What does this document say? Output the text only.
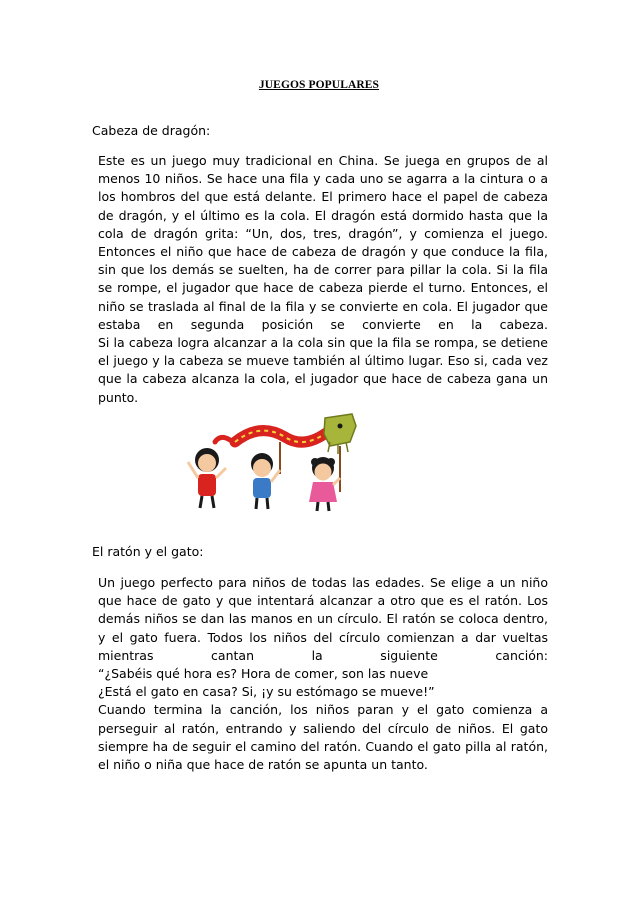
JUEGOS POPULARES
Cabeza de dragón:

Este es un juego muy tradicional en China. Se juega en grupos de al menos 10 niños. Se hace una fila y cada uno se agarra a la cintura o a los hombros del que está delante. El primero hace el papel de cabeza de dragón, y el último es la cola. El dragón está dormido hasta que la cola de dragón grita: “Un, dos, tres, dragón”, y comienza el juego.

Entonces el niño que hace de cabeza de dragón y que conduce la fila, sin que los demás se suelten, ha de correr para pillar la cola. Si la fila se rompe, el jugador que hace de cabeza pierde el turno. Entonces, el niño se traslada al final de la fila y se convierte en cola. El jugador que estaba en segunda posición se convierte en la cabeza.

Si la cabeza logra alcanzar a la cola sin que la fila se rompa, se detiene el juego y la cabeza se mueve también al último lugar. Eso si, cada vez que la cabeza alcanza la cola, el jugador que hace de cabeza gana un punto.

El ratón y el gato:

Un juego perfecto para niños de todas las edades. Se elige a un niño que hace de gato y que intentará alcanzar a otro que es el ratón. Los demás niños se dan las manos en un círculo. El ratón se coloca dentro, y el gato fuera. Todos los niños del círculo comienzan a dar vueltas mientras cantan la siguiente canción:

“¿Sabéis qué hora es? Hora de comer, son las nueve

¿Está el gato en casa? Si, ¡y su estómago se mueve!”

Cuando termina la canción, los niños paran y el gato comienza a perseguir al ratón, entrando y saliendo del círculo de niños. El gato siempre ha de seguir el camino del ratón. Cuando el gato pilla al ratón, el niño o niña que hace de ratón se apunta un tanto.
